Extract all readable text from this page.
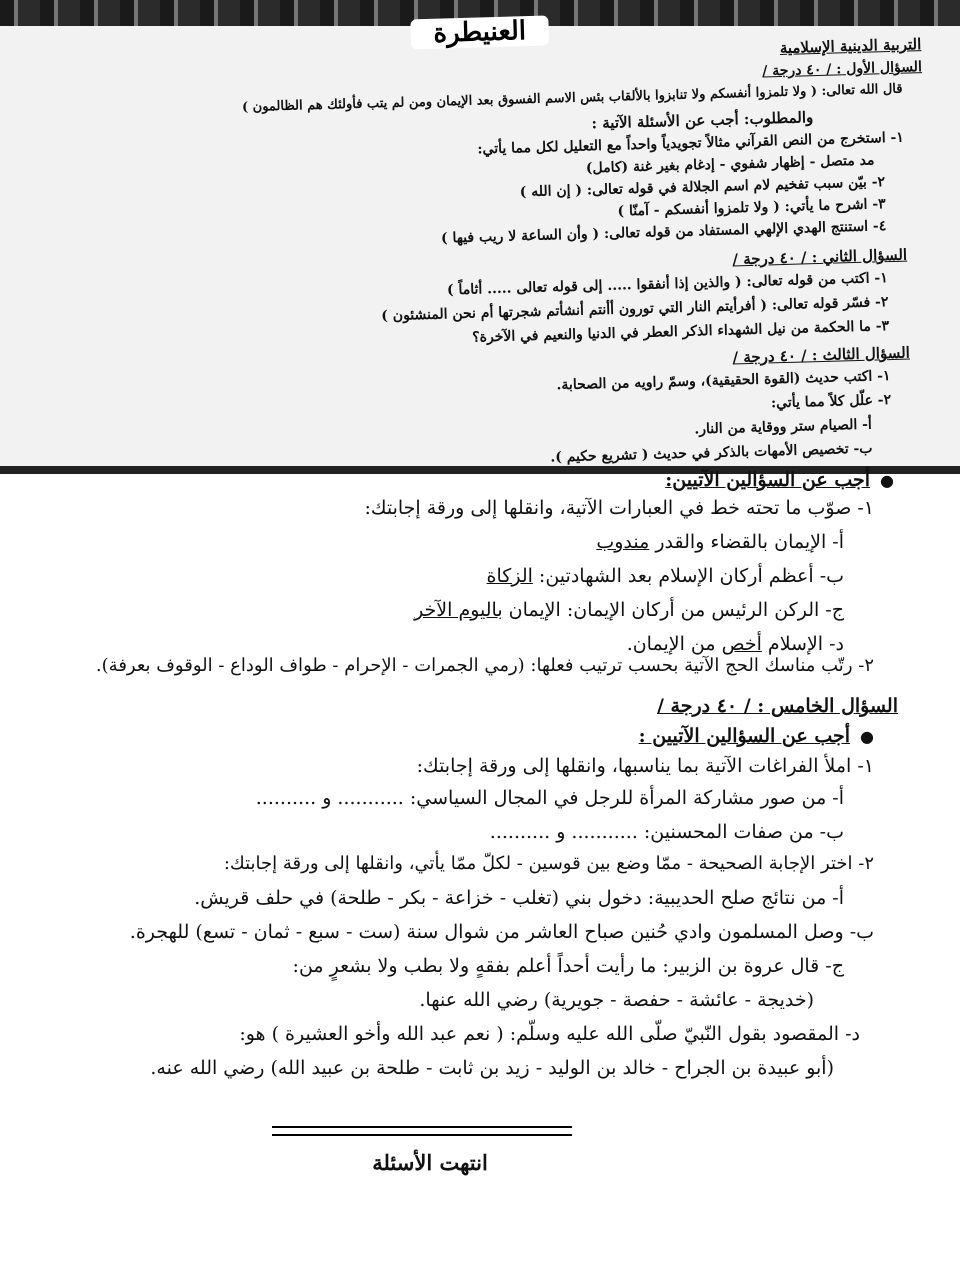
العنيطرة	التربية الدينية الإسلامية
السؤال الأول : / ٤٠ درجة /
قال الله تعالى: ( ولا تلمزوا أنفسكم ولا تنابزوا بالألقاب بئس الاسم الفسوق بعد الإيمان ومن لم يتب فأولئك هم الظالمون )
والمطلوب: أجب عن الأسئلة الآتية :
١- استخرج من النص القرآني مثالاً تجويدياً واحداً مع التعليل لكل مما يأتي:
مد متصل - إظهار شفوي - إدغام بغير غنة (كامل)
٢- بيّن سبب تفخيم لام اسم الجلالة في قوله تعالى: ( إن الله )
٣- اشرح ما يأتي: ( ولا تلمزوا أنفسكم - آمنّا )
٤- استنتج الهدي الإلهي المستفاد من قوله تعالى: ( وأن الساعة لا ريب فيها )
السؤال الثاني : / ٤٠ درجة /
١- اكتب من قوله تعالى: ( والذين إذا أنفقوا ..... إلى قوله تعالى ..... أثاماً )
٢- فسّر قوله تعالى: ( أفرأيتم النار التي تورون أأنتم أنشأتم شجرتها أم نحن المنشئون )
٣- ما الحكمة من نيل الشهداء الذكر العطر في الدنيا والنعيم في الآخرة؟
السؤال الثالث : / ٤٠ درجة /
١- اكتب حديث (القوة الحقيقية)، وسمّ راويه من الصحابة.
٢- علّل كلاً مما يأتي:
أ- الصيام ستر ووقاية من النار.
ب- تخصيص الأمهات بالذكر في حديث ( تشريع حكيم ).
●أجب عن السؤالين الآتيين:
١- صوّب ما تحته خط في العبارات الآتية، وانقلها إلى ورقة إجابتك:
أ- الإيمان بالقضاء والقدر مندوب
ب- أعظم أركان الإسلام بعد الشهادتين: الزكاة
ج- الركن الرئيس من أركان الإيمان: الإيمان باليوم الآخر
د- الإسلام أخص من الإيمان.
٢- رتّب مناسك الحج الآتية بحسب ترتيب فعلها: (رمي الجمرات - الإحرام - طواف الوداع - الوقوف بعرفة).
السؤال الخامس : / ٤٠ درجة /
●أجب عن السؤالين الآتيين :
١- املأ الفراغات الآتية بما يناسبها، وانقلها إلى ورقة إجابتك:
أ- من صور مشاركة المرأة للرجل في المجال السياسي: ........... و ..........
ب- من صفات المحسنين: ........... و ..........
٢- اختر الإجابة الصحيحة - ممّا وضع بين قوسين - لكلّ ممّا يأتي، وانقلها إلى ورقة إجابتك:
أ- من نتائج صلح الحديبية: دخول بني (تغلب - خزاعة - بكر - طلحة) في حلف قريش.
ب- وصل المسلمون وادي حُنين صباح العاشر من شوال سنة (ست - سبع - ثمان - تسع) للهجرة.
ج- قال عروة بن الزبير: ما رأيت أحداً أعلم بفقهٍ ولا بطب ولا بشعرٍ من:
(خديجة - عائشة - حفصة - جويرية) رضي الله عنها.
د- المقصود بقول النّبيّ صلّى الله عليه وسلّم: ( نعم عبد الله وأخو العشيرة ) هو:
(أبو عبيدة بن الجراح - خالد بن الوليد - زيد بن ثابت - طلحة بن عبيد الله) رضي الله عنه.
انتهت الأسئلة
